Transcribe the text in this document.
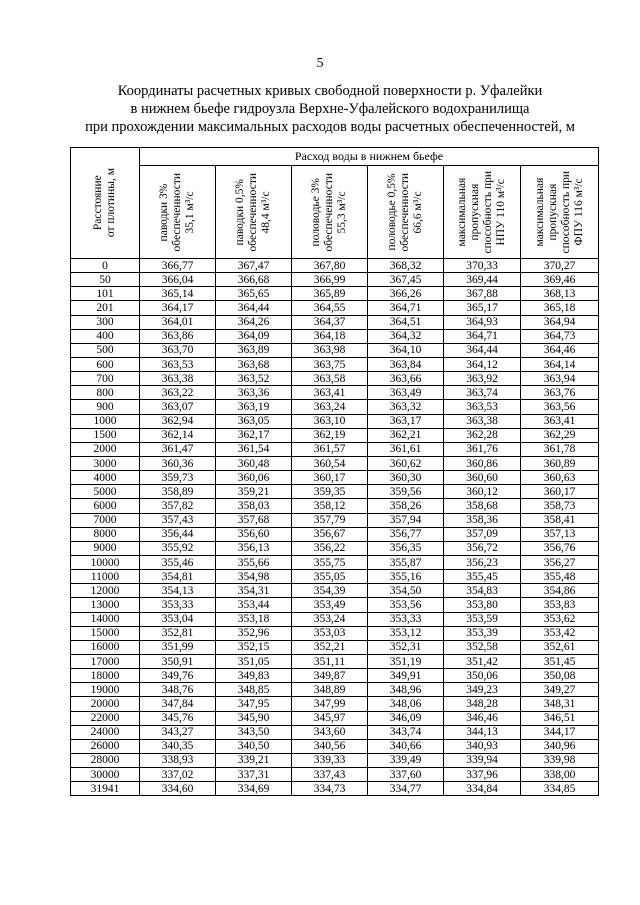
5
Координаты расчетных кривых свободной поверхности р. Уфалейки
в нижнем бьефе гидроузла Верхне-Уфалейского водохранилища
при прохождении максимальных расходов воды расчетных обеспеченностей, м
Расстояние
от плотины, м	Расход воды в нижнем бьефе					

	паводки 3%
обеспеченности
35,1 м³/с	паводки 0,5%
обеспеченности
48,4 м³/с	половодье 3%
обеспеченности
55,3 м³/с	половодье 0,5%
обеспеченности
66,6 м³/с	максимальная
пропускная
способность при
НПУ 110 м³/с	максимальная
пропускная
способность при
ФПУ 116 м³/с

0	366,77	367,47	367,80	368,32	370,33	370,27
50	366,04	366,68	366,99	367,45	369,44	369,46
101	365,14	365,65	365,89	366,26	367,88	368,13
201	364,17	364,44	364,55	364,71	365,17	365,18
300	364,01	364,26	364,37	364,51	364,93	364,94
400	363,86	364,09	364,18	364,32	364,71	364,73
500	363,70	363,89	363,98	364,10	364,44	364,46
600	363,53	363,68	363,75	363,84	364,12	364,14
700	363,38	363,52	363,58	363,66	363,92	363,94
800	363,22	363,36	363,41	363,49	363,74	363,76
900	363,07	363,19	363,24	363,32	363,53	363,56
1000	362,94	363,05	363,10	363,17	363,38	363,41
1500	362,14	362,17	362,19	362,21	362,28	362,29
2000	361,47	361,54	361,57	361,61	361,76	361,78
3000	360,36	360,48	360,54	360,62	360,86	360,89
4000	359,73	360,06	360,17	360,30	360,60	360,63
5000	358,89	359,21	359,35	359,56	360,12	360,17
6000	357,82	358,03	358,12	358,26	358,68	358,73
7000	357,43	357,68	357,79	357,94	358,36	358,41
8000	356,44	356,60	356,67	356,77	357,09	357,13
9000	355,92	356,13	356,22	356,35	356,72	356,76
10000	355,46	355,66	355,75	355,87	356,23	356,27
11000	354,81	354,98	355,05	355,16	355,45	355,48
12000	354,13	354,31	354,39	354,50	354,83	354,86
13000	353,33	353,44	353,49	353,56	353,80	353,83
14000	353,04	353,18	353,24	353,33	353,59	353,62
15000	352,81	352,96	353,03	353,12	353,39	353,42
16000	351,99	352,15	352,21	352,31	352,58	352,61
17000	350,91	351,05	351,11	351,19	351,42	351,45
18000	349,76	349,83	349,87	349,91	350,06	350,08
19000	348,76	348,85	348,89	348,96	349,23	349,27
20000	347,84	347,95	347,99	348,06	348,28	348,31
22000	345,76	345,90	345,97	346,09	346,46	346,51
24000	343,27	343,50	343,60	343,74	344,13	344,17
26000	340,35	340,50	340,56	340,66	340,93	340,96
28000	338,93	339,21	339,33	339,49	339,94	339,98
30000	337,02	337,31	337,43	337,60	337,96	338,00
31941	334,60	334,69	334,73	334,77	334,84	334,85
